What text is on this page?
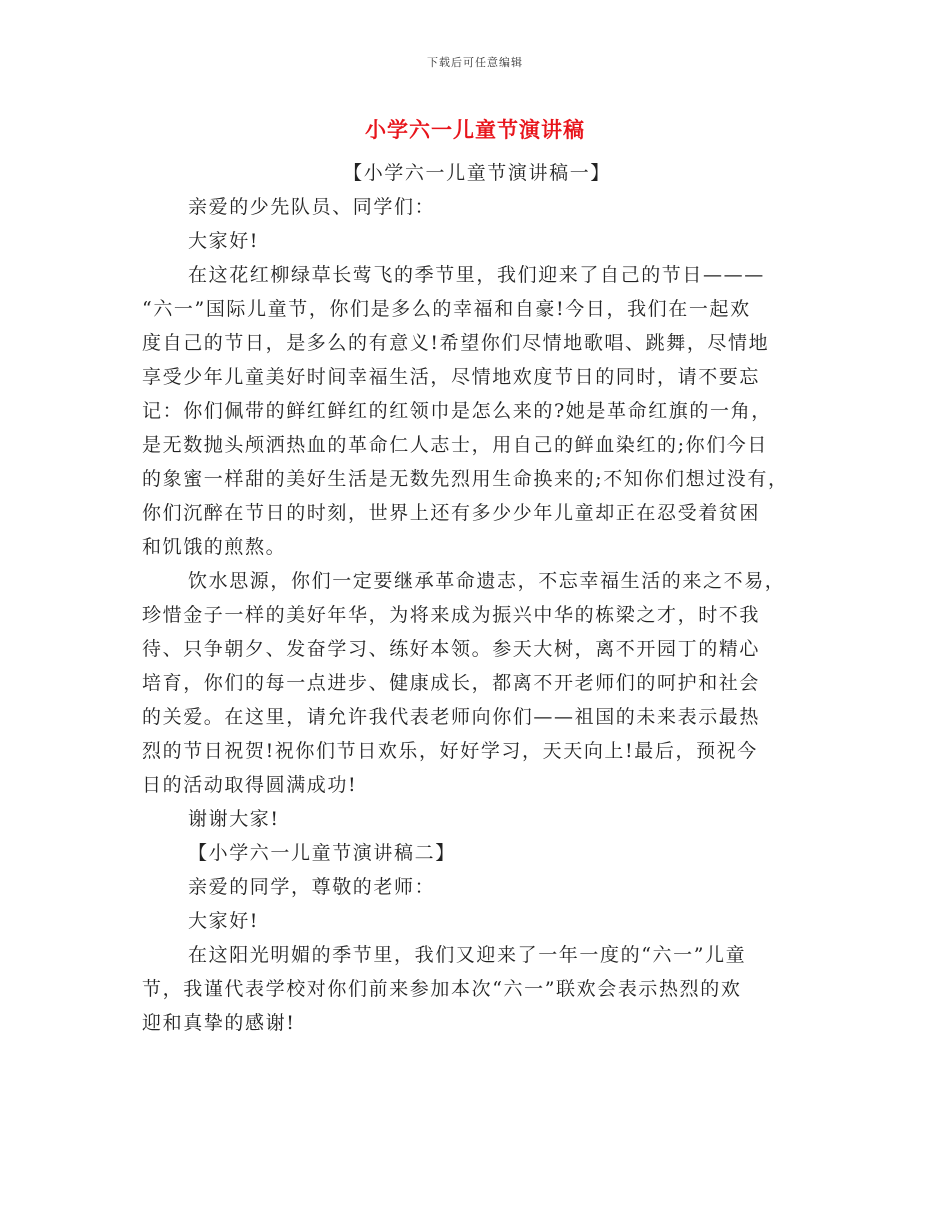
下载后可任意编辑
小学六一儿童节演讲稿

【小学六一儿童节演讲稿一】

亲爱的少先队员、同学们：

大家好!

在这花红柳绿草长莺飞的季节里，我们迎来了自己的节日———

“六一”国际儿童节，你们是多么的幸福和自豪!今日，我们在一起欢

度自己的节日，是多么的有意义!希望你们尽情地歌唱、跳舞，尽情地

享受少年儿童美好时间幸福生活，尽情地欢度节日的同时，请不要忘

记：你们佩带的鲜红鲜红的红领巾是怎么来的?她是革命红旗的一角，

是无数抛头颅洒热血的革命仁人志士，用自己的鲜血染红的;你们今日

的象蜜一样甜的美好生活是无数先烈用生命换来的;不知你们想过没有，

你们沉醉在节日的时刻，世界上还有多少少年儿童却正在忍受着贫困

和饥饿的煎熬。

饮水思源，你们一定要继承革命遗志，不忘幸福生活的来之不易，

珍惜金子一样的美好年华，为将来成为振兴中华的栋梁之才，时不我

待、只争朝夕、发奋学习、练好本领。参天大树，离不开园丁的精心

培育，你们的每一点进步、健康成长，都离不开老师们的呵护和社会

的关爱。在这里，请允许我代表老师向你们——祖国的未来表示最热

烈的节日祝贺!祝你们节日欢乐，好好学习，天天向上!最后，预祝今

日的活动取得圆满成功!

谢谢大家!

【小学六一儿童节演讲稿二】

亲爱的同学，尊敬的老师：

大家好!

在这阳光明媚的季节里，我们又迎来了一年一度的“六一”儿童

节，我谨代表学校对你们前来参加本次“六一”联欢会表示热烈的欢

迎和真挚的感谢!
